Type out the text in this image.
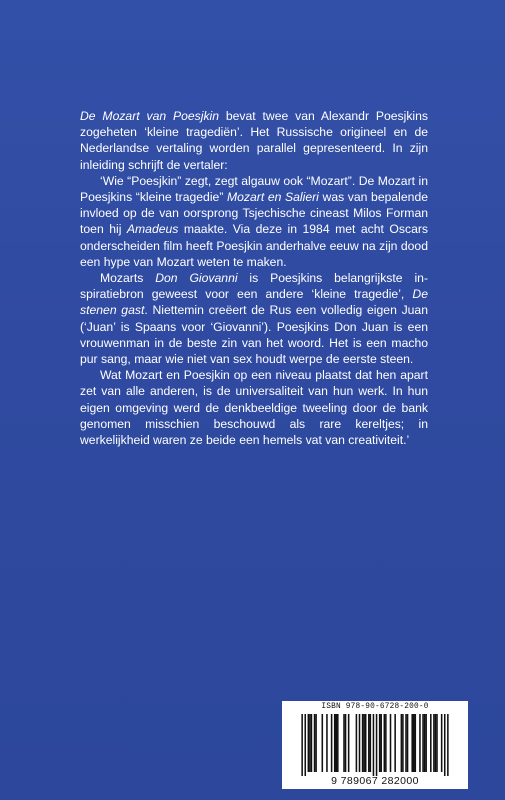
De Mozart van Poesjkin bevat twee van Alexandr Poesjkins zogeheten ‘kleine tragediën’. Het Russische origineel en de Nederlandse vertaling worden parallel gepresenteerd. In zijn inleiding schrijft de vertaler:

‘Wie “Poesjkin” zegt, zegt algauw ook “Mozart”. De Mozart in Poesjkins “kleine tragedie” Mozart en Salieri was van bepalende invloed op de van oorsprong Tsjechische cineast Milos Forman toen hij Amadeus maakte. Via deze in 1984 met acht Oscars onderscheiden film heeft Poesjkin anderhalve eeuw na zijn dood een hype van Mozart weten te maken.

Mozarts Don Giovanni is Poesjkins belangrijkste inspiratiebron geweest voor een andere ‘kleine tragedie’, De stenen gast. Niettemin creëert de Rus een volledig eigen Juan (‘Juan’ is Spaans voor ‘Giovanni’). Poesjkins Don Juan is een vrouwenman in de beste zin van het woord. Het is een macho pur sang, maar wie niet van sex houdt werpe de eerste steen.

Wat Mozart en Poesjkin op een niveau plaatst dat hen apart zet van alle anderen, is de universaliteit van hun werk. In hun eigen omgeving werd de denkbeeldige tweeling door de bank genomen misschien beschouwd als rare kereltjes; in werkelijkheid waren ze beide een hemels vat van creativiteit.’

ISBN 978-90-6728-200-0
9 789067 282000
